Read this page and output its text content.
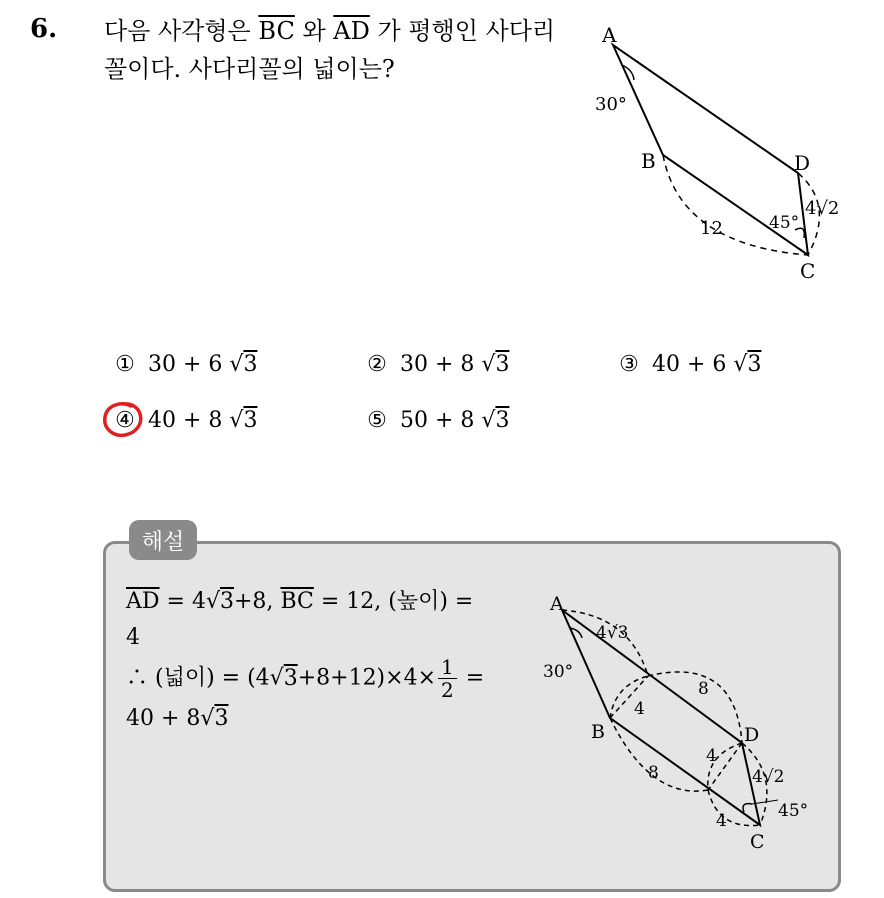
6. 다음 사각형은 $\overline{BC}$ 와 $\overline{AD}$ 가 평행인 사다리꼴이다. 사다리꼴의 넓이는?
A
B
C
D
30°
45°
12
4√2
① 30 + 6 √3	② 30 + 8 √3	③ 40 + 6 √3
④ 40 + 8 √3	⑤ 50 + 8 √3
해설
$\overline{AD} = 4√3+8$, $\overline{BC} = 12$, (높이) =
4
∴ (넓이) = $(4√3+8+12)\times 4\times \frac{1}{2}$ =
40 + 8√3
A
B
C
D
30°
45°
4√3
4
8
8
4
4
4√2
